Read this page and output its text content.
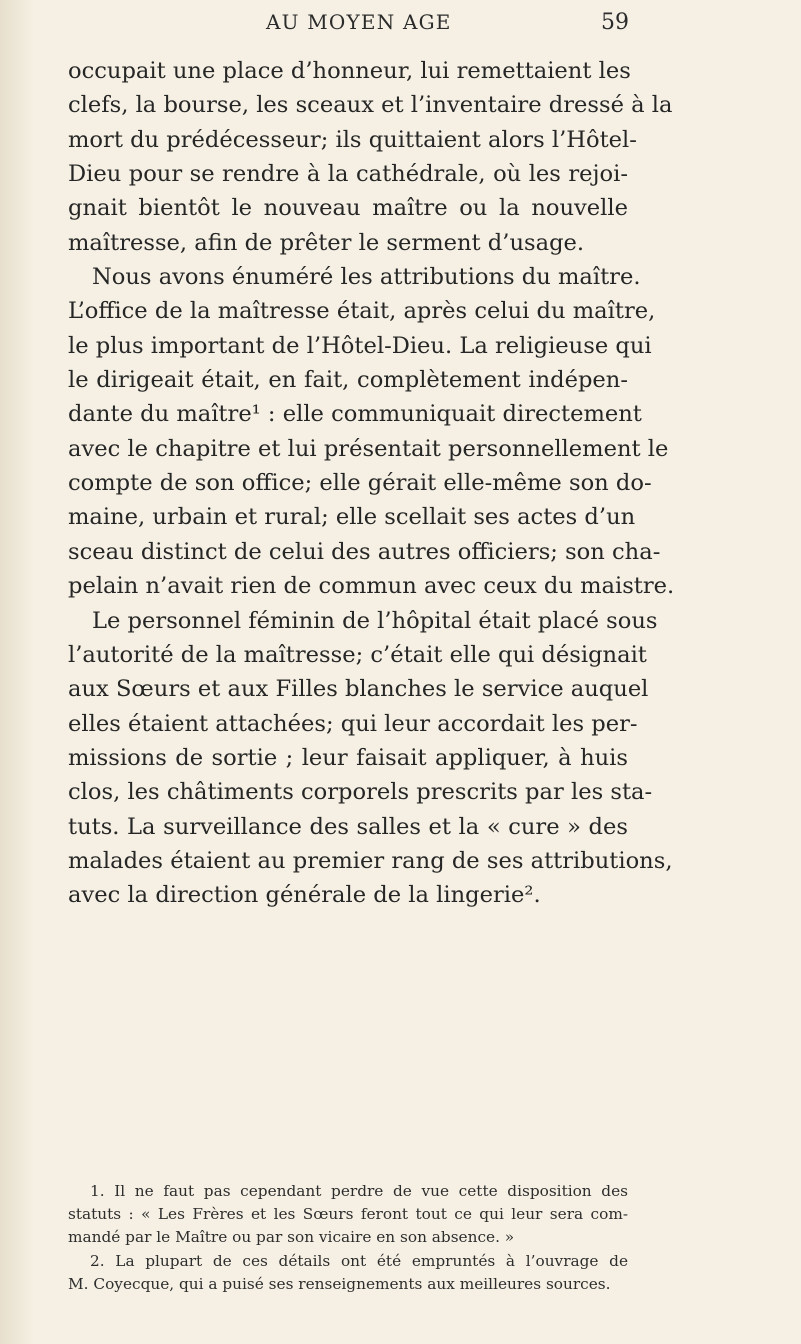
AU MOYEN AGE	59
occupait une place d’honneur, lui remettaient les
clefs, la bourse, les sceaux et l’inventaire dressé à la
mort du prédécesseur; ils quittaient alors l’Hôtel-
Dieu pour se rendre à la cathédrale, où les rejoi-
gnait bientôt le nouveau maître ou la nouvelle
maîtresse, afin de prêter le serment d’usage.
Nous avons énuméré les attributions du maître.
L’office de la maîtresse était, après celui du maître,
le plus important de l’Hôtel-Dieu. La religieuse qui
le dirigeait était, en fait, complètement indépen-
dante du maître¹ : elle communiquait directement
avec le chapitre et lui présentait personnellement le
compte de son office; elle gérait elle-même son do-
maine, urbain et rural; elle scellait ses actes d’un
sceau distinct de celui des autres officiers; son cha-
pelain n’avait rien de commun avec ceux du maistre.
Le personnel féminin de l’hôpital était placé sous
l’autorité de la maîtresse; c’était elle qui désignait
aux Sœurs et aux Filles blanches le service auquel
elles étaient attachées; qui leur accordait les per-
missions de sortie ; leur faisait appliquer, à huis
clos, les châtiments corporels prescrits par les sta-
tuts. La surveillance des salles et la « cure » des
malades étaient au premier rang de ses attributions,
avec la direction générale de la lingerie².
1. Il ne faut pas cependant perdre de vue cette disposition des
statuts : « Les Frères et les Sœurs feront tout ce qui leur sera com-
mandé par le Maître ou par son vicaire en son absence. »
2. La plupart de ces détails ont été empruntés à l’ouvrage de
M. Coyecque, qui a puisé ses renseignements aux meilleures sources.
